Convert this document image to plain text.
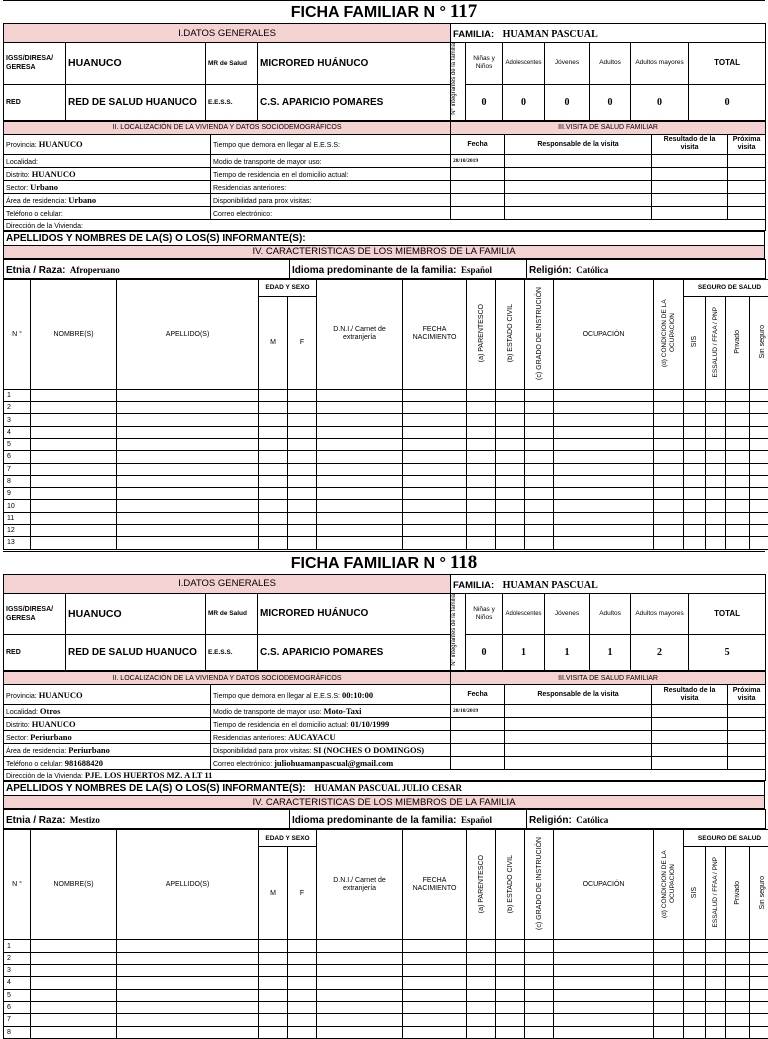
FICHA FAMILIAR N ° 117
I.DATOS GENERALES				FAMILIA: HUAMAN PASCUAL						
IGSS/DIRESA/ GERESA	HUANUCO	MR de Salud	MICRORED HUÁNUCO	N° integrantes de la familia	Niñas y Niños	Adolescentes	Jóvenes	Adultos	Adultos mayores	TOTAL
RED	RED DE SALUD HUANUCO	E.E.S.S.	C.S. APARICIO POMARES		0	0	0	0	0	0
II. LOCALIZACIÓN DE LA VIVIENDA Y DATOS SOCIODEMOGRÁFICOS		III.VISITA DE SALUD FAMILIAR			
Provincia: HUANUCO	Tiempo que demora en llegar al E.E.S.S:	Fecha	Responsable de la visita	Resultado de la visita	Próxima visita
Localidad:	Modio de transporte de mayor uso:	28/10/2019			
Distrito: HUANUCO	Tiempo de residencia en el domicilio actual:				
Sector: Urbano	Residencias anteriores:				
Área de residencia: Urbano	Disponibilidad para prox visitas:				
Teléfono o celular:	Correo electrónico:				
Dirección de la Vivienda:					
APELLIDOS Y NOMBRES DE LA(S) O LOS(S) INFORMANTE(S):
IV. CARACTERISTICAS DE LOS MIEMBROS DE LA FAMILIA
Etnia / Raza: Afroperuano	Idioma predominante de la familia: Español	Religión: Católica
N °	NOMBRE(S)	APELLIDO(S)	EDAD Y SEXO		D.N.I./ Carnet de extranjería	FECHA NACIMIENTO	(a) PARENTESCO	(b) ESTADO CIVIL	(c) GRADO DE INSTRUCIÓN	OCUPACIÓN	(d) CONDICION DE LA OCUPACION	SEGURO DE SALUD			
			M	F								SIS	ESSALUD / FFAA / PNP	Privado	Sin seguro
1															
2															
3															
4															
5															
6															
7															
8															
9															
10															
11															
12															
13															
FICHA FAMILIAR N ° 118
I.DATOS GENERALES				FAMILIA: HUAMAN PASCUAL						
IGSS/DIRESA/ GERESA	HUANUCO	MR de Salud	MICRORED HUÁNUCO	N° integrantes de la familia	Niñas y Niños	Adolescentes	Jóvenes	Adultos	Adultos mayores	TOTAL
RED	RED DE SALUD HUANUCO	E.E.S.S.	C.S. APARICIO POMARES		0	1	1	1	2	5
II. LOCALIZACIÓN DE LA VIVIENDA Y DATOS SOCIODEMOGRÁFICOS		III.VISITA DE SALUD FAMILIAR			
Provincia: HUANUCO	Tiempo que demora en llegar al E.E.S.S: 00:10:00	Fecha	Responsable de la visita	Resultado de la visita	Próxima visita
Localidad: Otros	Modio de transporte de mayor uso: Moto-Taxi	28/10/2019			
Distrito: HUANUCO	Tiempo de residencia en el domicilio actual: 01/10/1999				
Sector: Periurbano	Residencias anteriores: AUCAYACU				
Área de residencia: Periurbano	Disponibilidad para prox visitas: SI (NOCHES O DOMINGOS)				
Teléfono o celular: 981688420	Correo electrónico: juliohuamanpascual@gmail.com				
Dirección de la Vivienda: PJE. LOS HUERTOS MZ. A LT 11					
APELLIDOS Y NOMBRES DE LA(S) O LOS(S) INFORMANTE(S): HUAMAN PASCUAL JULIO CESAR
IV. CARACTERISTICAS DE LOS MIEMBROS DE LA FAMILIA
Etnia / Raza: Mestizo	Idioma predominante de la familia: Español	Religión: Católica
N °	NOMBRE(S)	APELLIDO(S)	EDAD Y SEXO		D.N.I./ Carnet de extranjería	FECHA NACIMIENTO	(a) PARENTESCO	(b) ESTADO CIVIL	(c) GRADO DE INSTRUCIÓN	OCUPACIÓN	(d) CONDICION DE LA OCUPACION	SEGURO DE SALUD			
			M	F								SIS	ESSALUD / FFAA / PNP	Privado	Sin seguro
1															
2															
3															
4															
5															
6															
7															
8															
